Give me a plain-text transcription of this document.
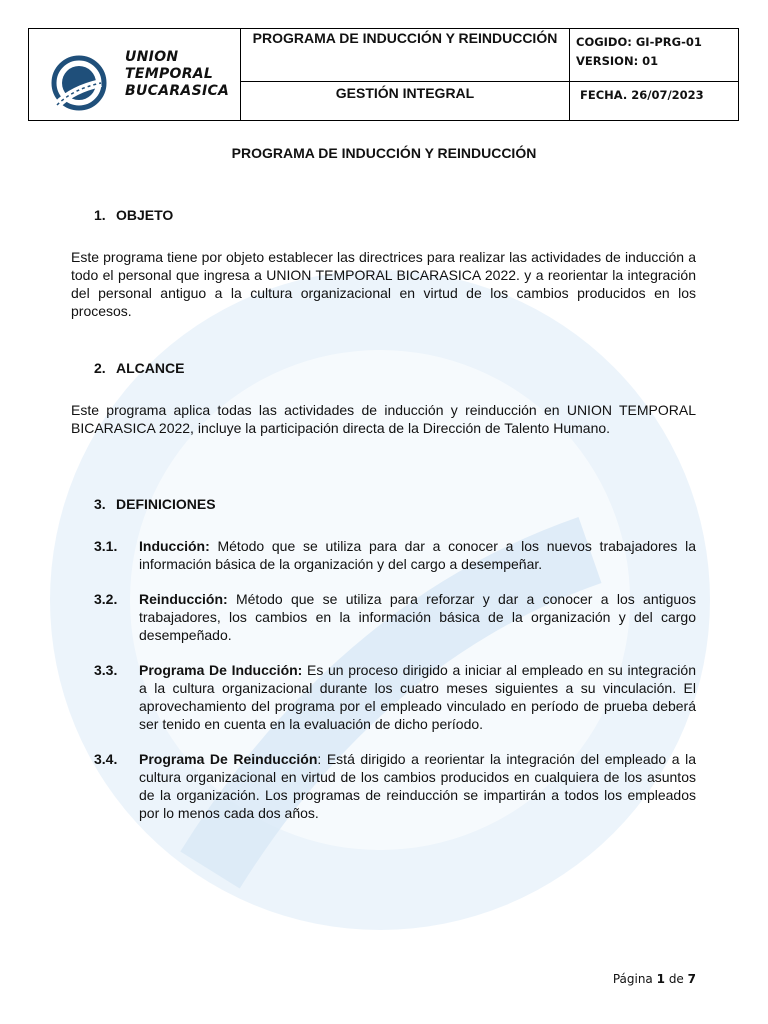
UNION
TEMPORAL
BUCARASICA
PROGRAMA DE INDUCCIÓN Y REINDUCCIÓN	COGIDO: GI-PRG-01
VERSION: 01
GESTIÓN INTEGRAL	FECHA. 26/07/2023
PROGRAMA DE INDUCCIÓN Y REINDUCCIÓN
1. OBJETO
Este programa tiene por objeto establecer las directrices para realizar las actividades de inducción a todo el personal que ingresa a UNION TEMPORAL BICARASICA 2022. y a reorientar la integración del personal antiguo a la cultura organizacional en virtud de los cambios producidos en los procesos.
2. ALCANCE
Este programa aplica todas las actividades de inducción y reinducción en UNION TEMPORAL BICARASICA 2022, incluye la participación directa de la Dirección de Talento Humano.
3. DEFINICIONES
3.1. Inducción: Método que se utiliza para dar a conocer a los nuevos trabajadores la información básica de la organización y del cargo a desempeñar.
3.2. Reinducción: Método que se utiliza para reforzar y dar a conocer a los antiguos trabajadores, los cambios en la información básica de la organización y del cargo desempeñado.
3.3. Programa De Inducción: Es un proceso dirigido a iniciar al empleado en su integración a la cultura organizacional durante los cuatro meses siguientes a su vinculación. El aprovechamiento del programa por el empleado vinculado en período de prueba deberá ser tenido en cuenta en la evaluación de dicho período.
3.4. Programa De Reinducción: Está dirigido a reorientar la integración del empleado a la cultura organizacional en virtud de los cambios producidos en cualquiera de los asuntos de la organización. Los programas de reinducción se impartirán a todos los empleados por lo menos cada dos años.
Página 1 de 7
